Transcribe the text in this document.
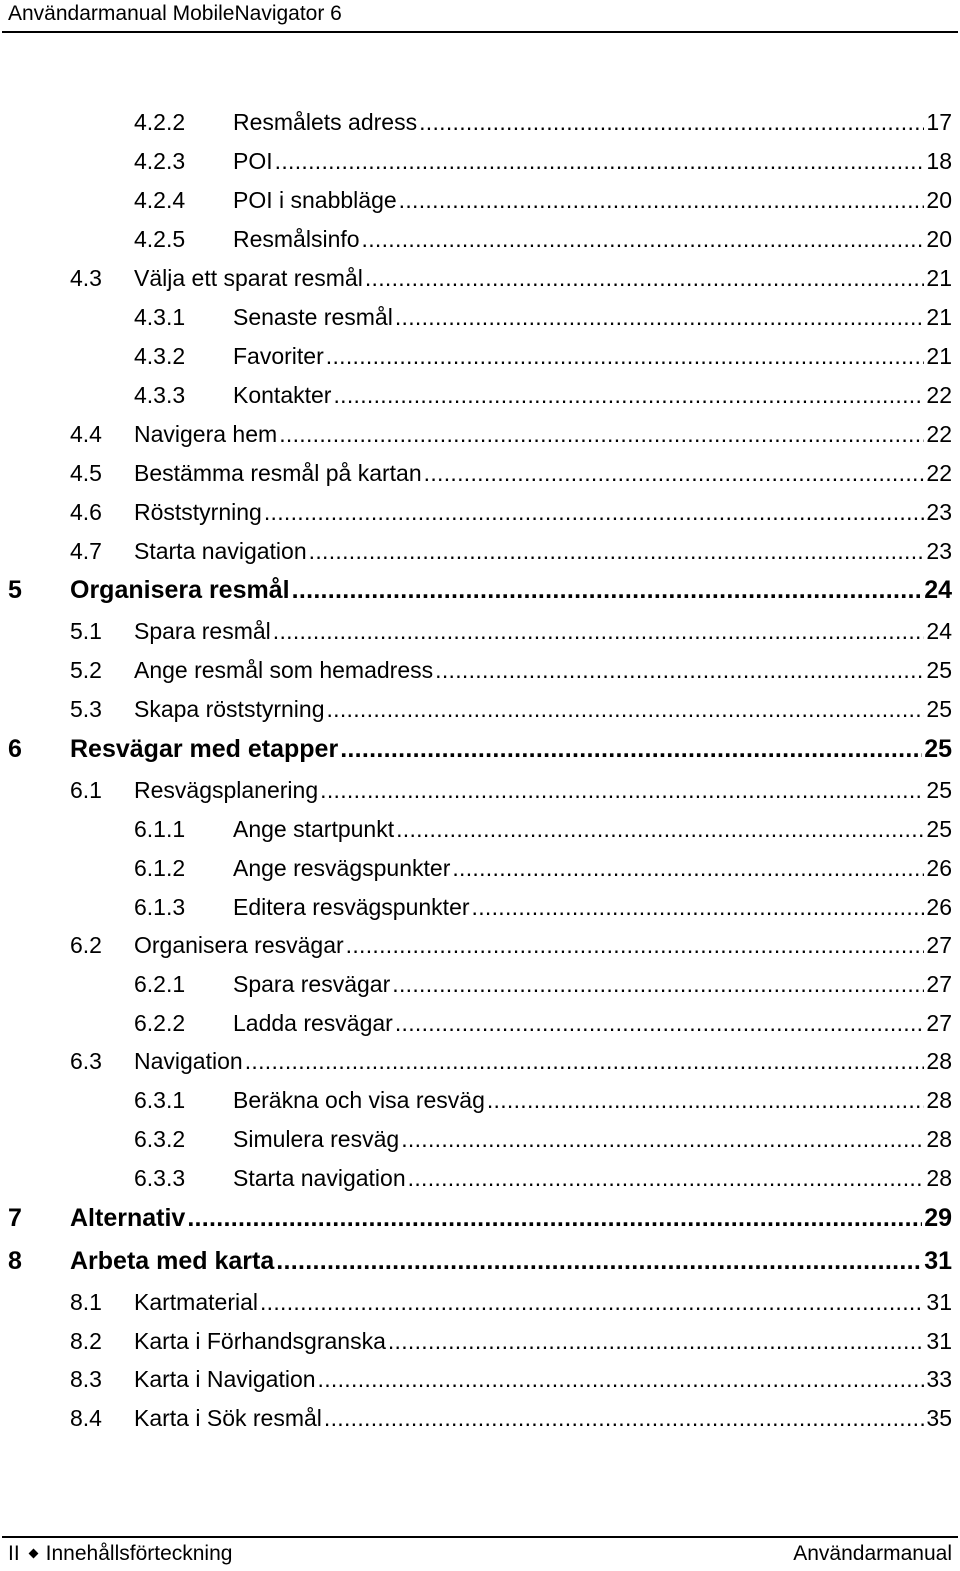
Användarmanual MobileNavigator 6
4.2.2 Resmålets adress .....	17
4.2.3 POI .....	18
4.2.4 POI i snabbläge .....	20
4.2.5 Resmålsinfo .....	20
4.3 Välja ett sparat resmål .....	21
4.3.1 Senaste resmål .....	21
4.3.2 Favoriter .....	21
4.3.3 Kontakter .....	22
4.4 Navigera hem .....	22
4.5 Bestämma resmål på kartan .....	22
4.6 Röststyrning .....	23
4.7 Starta navigation .....	23
5 Organisera resmål .....	24
5.1 Spara resmål .....	24
5.2 Ange resmål som hemadress .....	25
5.3 Skapa röststyrning .....	25
6 Resvägar med etapper .....	25
6.1 Resvägsplanering .....	25
6.1.1 Ange startpunkt .....	25
6.1.2 Ange resvägspunkter .....	26
6.1.3 Editera resvägspunkter .....	26
6.2 Organisera resvägar .....	27
6.2.1 Spara resvägar .....	27
6.2.2 Ladda resvägar .....	27
6.3 Navigation .....	28
6.3.1 Beräkna och visa resväg .....	28
6.3.2 Simulera resväg .....	28
6.3.3 Starta navigation .....	28
7 Alternativ .....	29
8 Arbeta med karta .....	31
8.1 Kartmaterial .....	31
8.2 Karta i Förhandsgranska .....	31
8.3 Karta i Navigation .....	33
8.4 Karta i Sök resmål .....	35
II Innehållsförteckning	Användarmanual
